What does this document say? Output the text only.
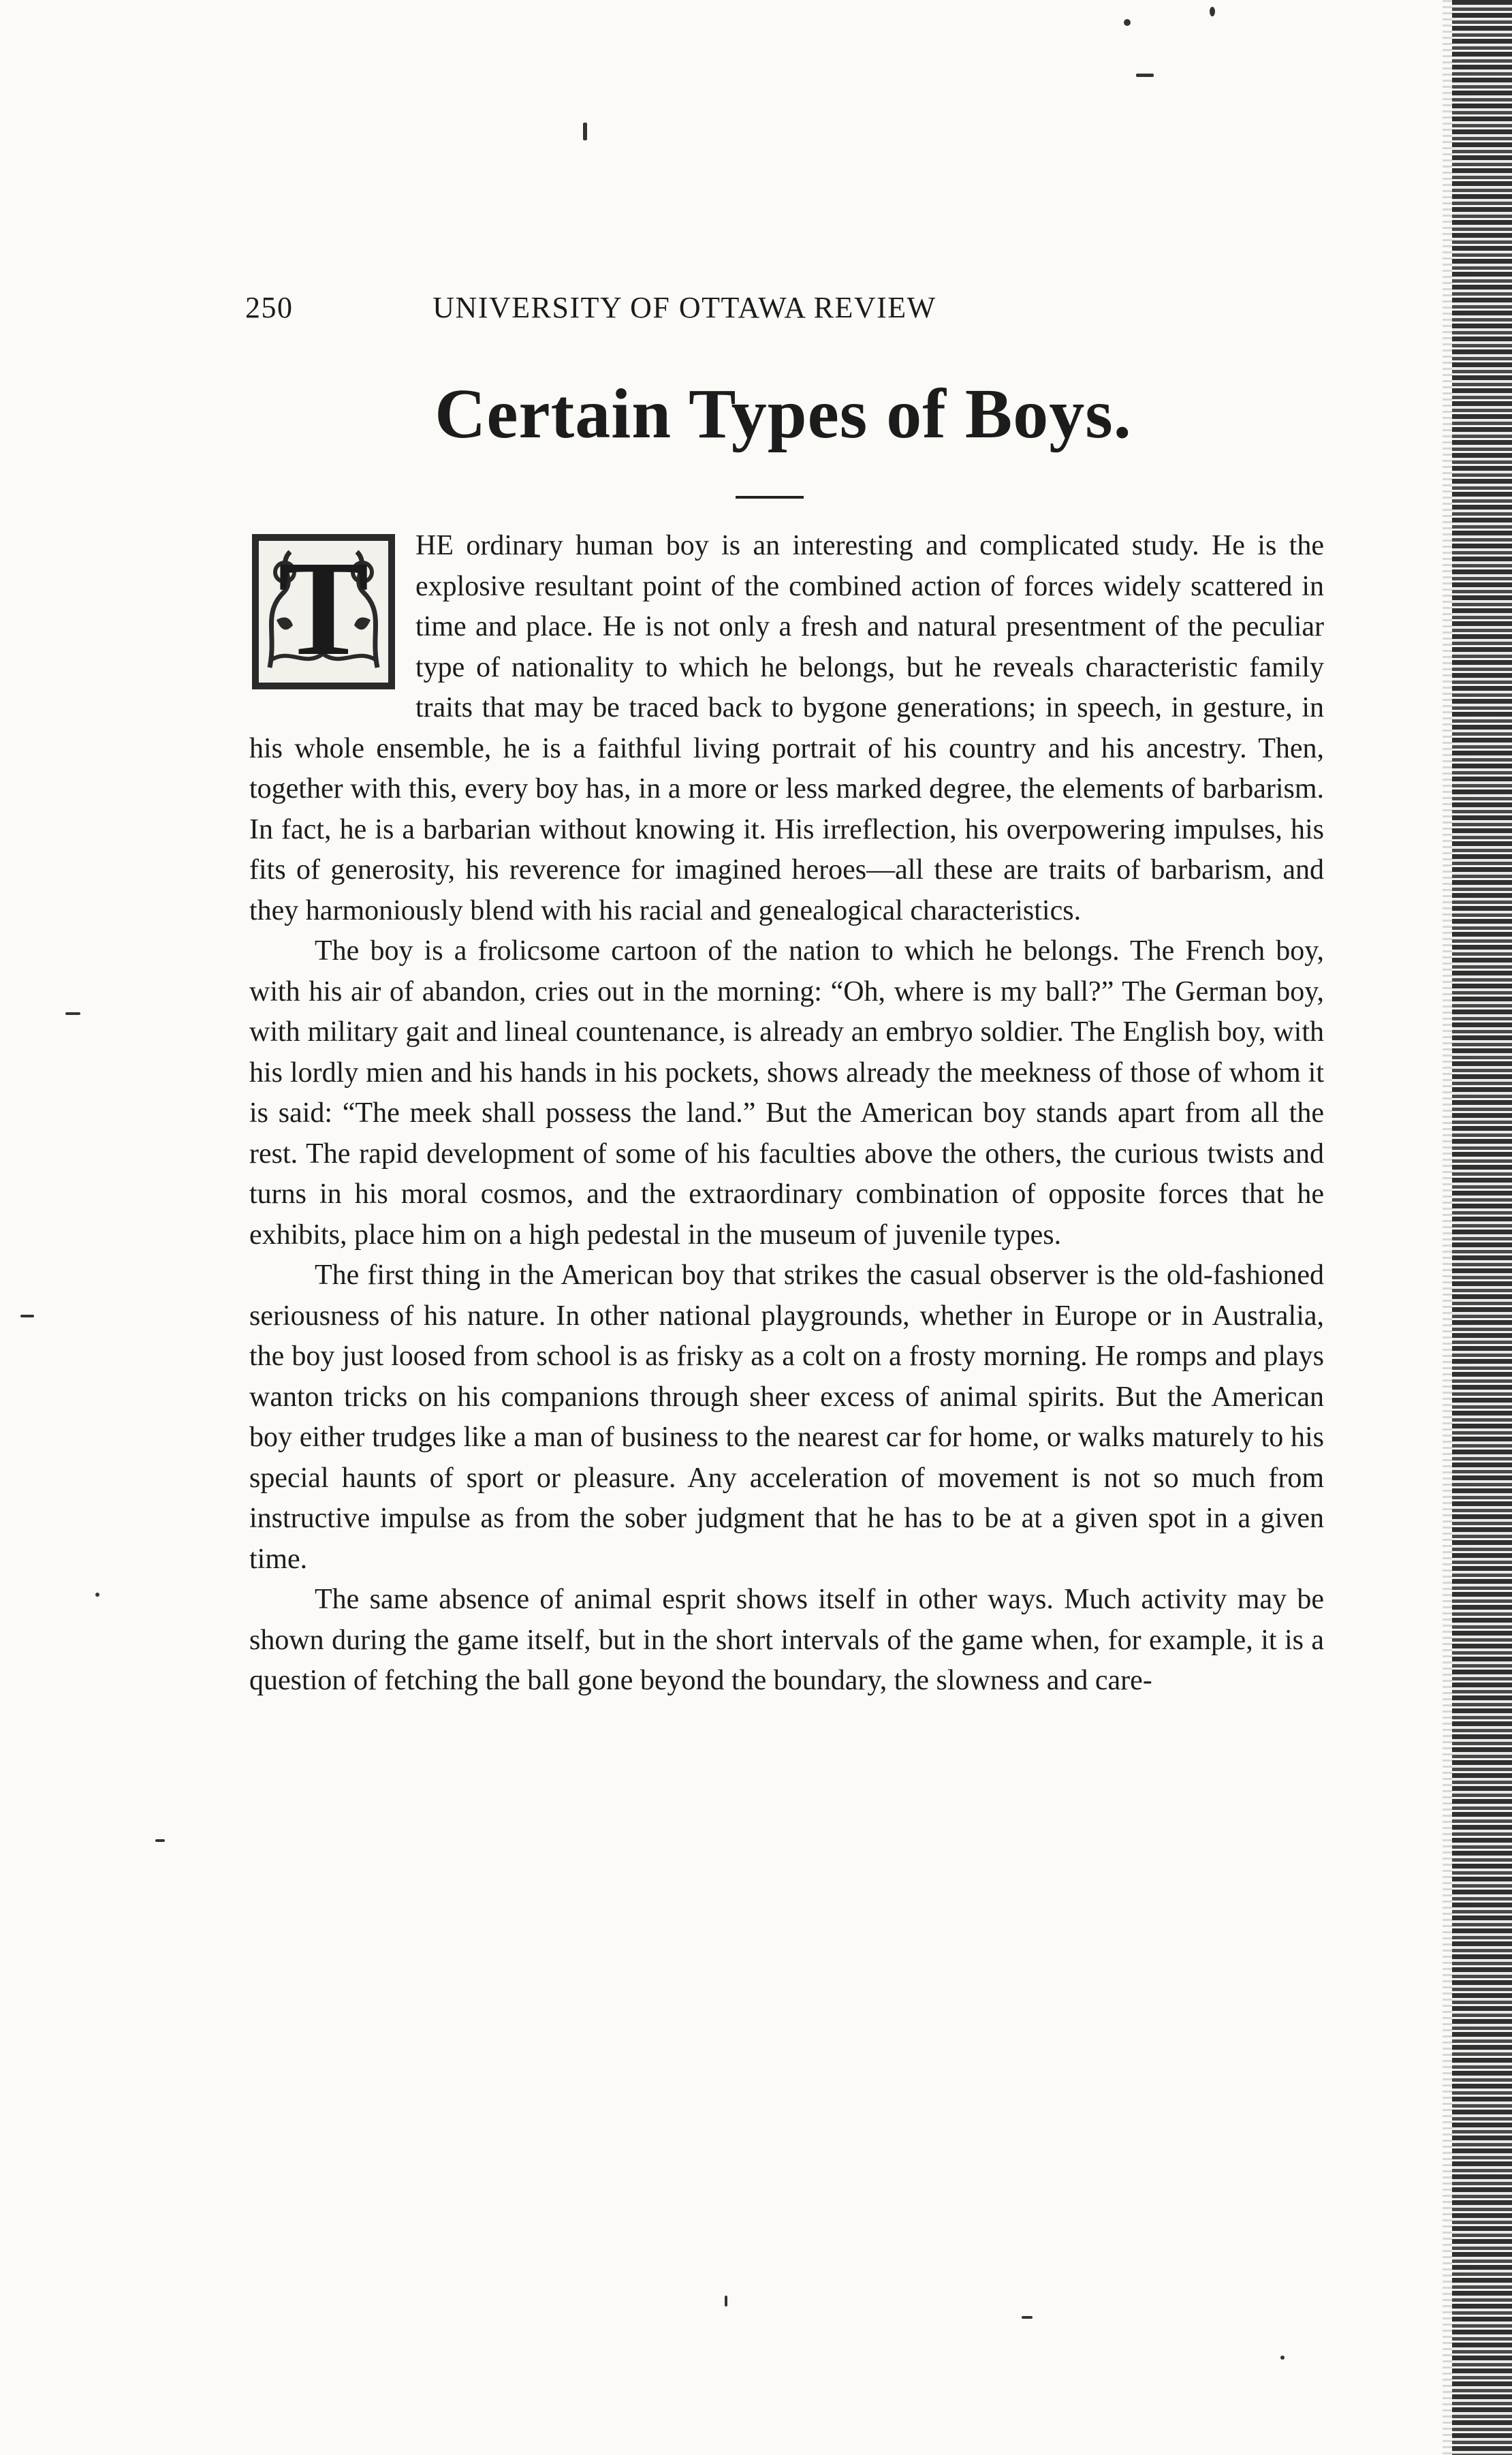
250	UNIVERSITY OF OTTAWA REVIEW
Certain Types of Boys.

T	HE ordinary human boy is an interesting and complicated study. He is the explosive resultant point of the combined action of forces widely scattered in time and place. He is not only a fresh and natural presentment of the peculiar type of nationality to which he belongs, but he reveals characteristic family traits that may be traced back to bygone generations; in speech, in gesture, in his whole ensemble, he is a faithful living portrait of his country and his ancestry. Then, together with this, every boy has, in a more or less marked degree, the elements of barbarism. In fact, he is a barbarian without knowing it. His irreflection, his overpowering impulses, his fits of generosity, his reverence for imagined heroes—all these are traits of barbarism, and they harmoniously blend with his racial and genealogical characteristics.

The boy is a frolicsome cartoon of the nation to which he belongs. The French boy, with his air of abandon, cries out in the morning: “Oh, where is my ball?” The German boy, with military gait and lineal countenance, is already an embryo soldier. The English boy, with his lordly mien and his hands in his pockets, shows already the meekness of those of whom it is said: “The meek shall possess the land.” But the American boy stands apart from all the rest. The rapid development of some of his faculties above the others, the curious twists and turns in his moral cosmos, and the extraordinary combination of opposite forces that he exhibits, place him on a high pedestal in the museum of juvenile types.

The first thing in the American boy that strikes the casual observer is the old-fashioned seriousness of his nature. In other national playgrounds, whether in Europe or in Australia, the boy just loosed from school is as frisky as a colt on a frosty morning. He romps and plays wanton tricks on his companions through sheer excess of animal spirits. But the American boy either trudges like a man of business to the nearest car for home, or walks maturely to his special haunts of sport or pleasure. Any acceleration of movement is not so much from instructive impulse as from the sober judgment that he has to be at a given spot in a given time.

The same absence of animal esprit shows itself in other ways. Much activity may be shown during the game itself, but in the short intervals of the game when, for example, it is a question of fetching the ball gone beyond the boundary, the slowness and care-
